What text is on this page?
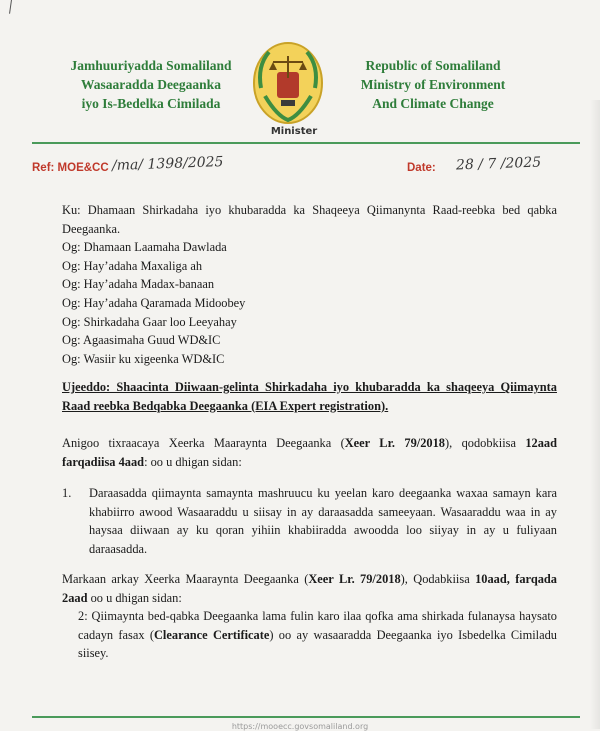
Jamhuuriyadda Somaliland
Wasaaradda Deegaanka
iyo Is-Bedelka Cimilada
Minister
Republic of Somaliland
Ministry of Environment
And Climate Change
Ref: MOE&CC /ma/ 1398/2025	Date: 28 / 7 /2025
Ku: Dhamaan Shirkadaha iyo khubaradda ka Shaqeeya Qiimanynta Raad-reebka bed qabka Deegaanka.
Og: Dhamaan Laamaha Dawlada
Og: Hay’adaha Maxaliga ah
Og: Hay’adaha Madax-banaan
Og: Hay’adaha Qaramada Midoobey
Og: Shirkadaha Gaar loo Leeyahay
Og: Agaasimaha Guud WD&IC
Og: Wasiir ku xigeenka WD&IC
Ujeeddo: Shaacinta Diiwaan-gelinta Shirkadaha iyo khubaradda ka shaqeeya Qiimaynta Raad reebka Bedqabka Deegaanka (EIA Expert registration).
Anigoo tixraacaya Xeerka Maaraynta Deegaanka (Xeer Lr. 79/2018), qodobkiisa 12aad farqadiisa 4aad: oo u dhigan sidan:
1. Daraasadda qiimaynta samaynta mashruucu ku yeelan karo deegaanka waxaa samayn kara khabiirro awood Wasaaraddu u siisay in ay daraasadda sameeyaan. Wasaaraddu waa in ay haysaa diiwaan ay ku qoran yihiin khabiiradda awoodda loo siiyay in ay u fuliyaan daraasadda.
Markaan arkay Xeerka Maaraynta Deegaanka (Xeer Lr. 79/2018), Qodabkiisa 10aad, farqada 2aad oo u dhigan sidan:
2: Qiimaynta bed-qabka Deegaanka lama fulin karo ilaa qofka ama shirkada fulanaysa haysato cadayn fasax (Clearance Certificate) oo ay wasaaradda Deegaanka iyo Isbedelka Cimiladu siisey.
https://mooecc.govsomaliland.org
